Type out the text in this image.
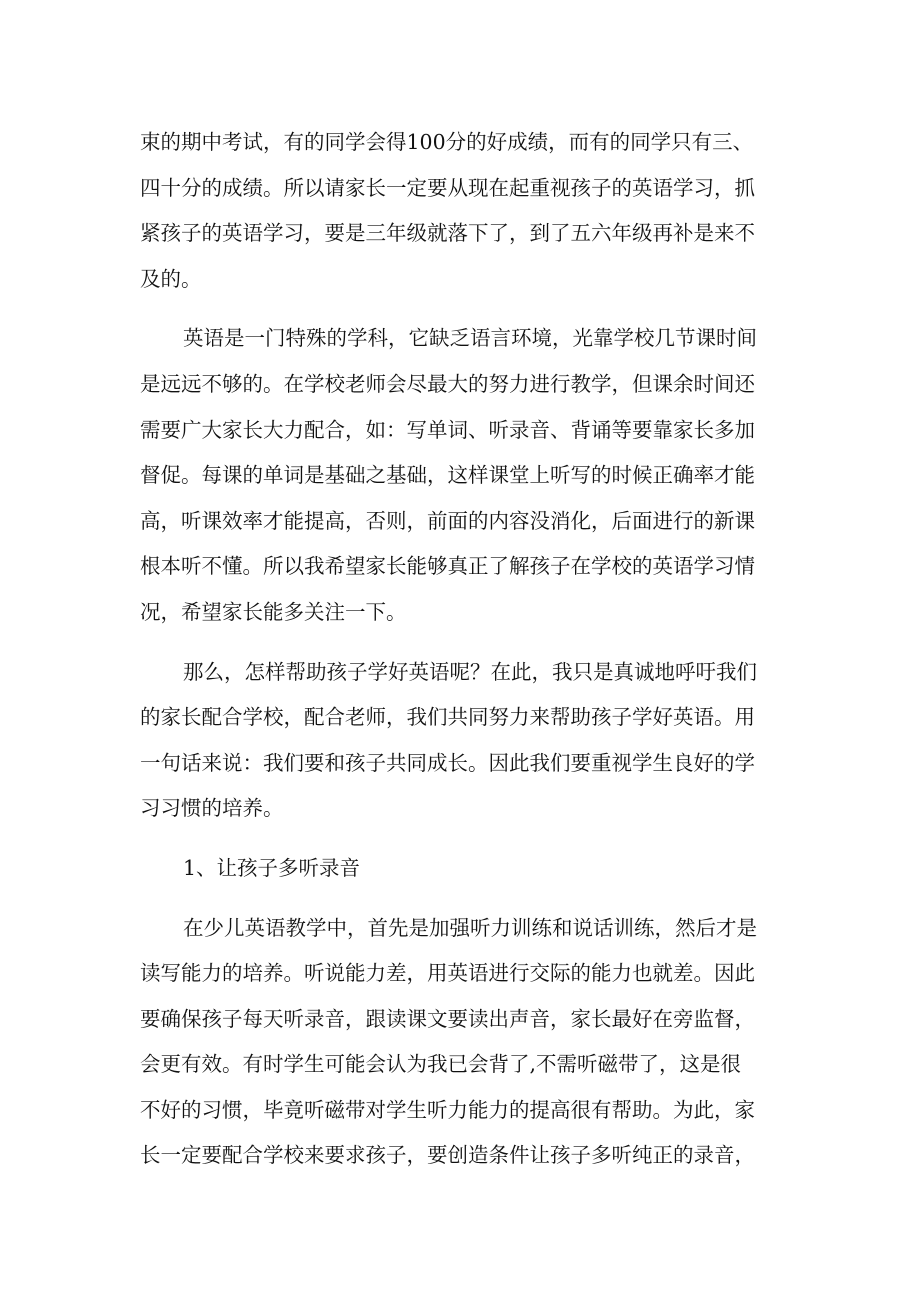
束的期中考试，有的同学会得100分的好成绩，而有的同学只有三、
四十分的成绩。所以请家长一定要从现在起重视孩子的英语学习，抓
紧孩子的英语学习，要是三年级就落下了，到了五六年级再补是来不
及的。
英语是一门特殊的学科，它缺乏语言环境，光靠学校几节课时间
是远远不够的。在学校老师会尽最大的努力进行教学，但课余时间还
需要广大家长大力配合，如：写单词、听录音、背诵等要靠家长多加
督促。每课的单词是基础之基础，这样课堂上听写的时候正确率才能
高，听课效率才能提高，否则，前面的内容没消化，后面进行的新课
根本听不懂。所以我希望家长能够真正了解孩子在学校的英语学习情
况，希望家长能多关注一下。
那么，怎样帮助孩子学好英语呢？在此，我只是真诚地呼吁我们
的家长配合学校，配合老师，我们共同努力来帮助孩子学好英语。用
一句话来说：我们要和孩子共同成长。因此我们要重视学生良好的学
习习惯的培养。
1、让孩子多听录音
在少儿英语教学中，首先是加强听力训练和说话训练，然后才是
读写能力的培养。听说能力差，用英语进行交际的能力也就差。因此
要确保孩子每天听录音，跟读课文要读出声音，家长最好在旁监督，
会更有效。有时学生可能会认为我已会背了,不需听磁带了，这是很
不好的习惯，毕竟听磁带对学生听力能力的提高很有帮助。为此，家
长一定要配合学校来要求孩子，要创造条件让孩子多听纯正的录音，
